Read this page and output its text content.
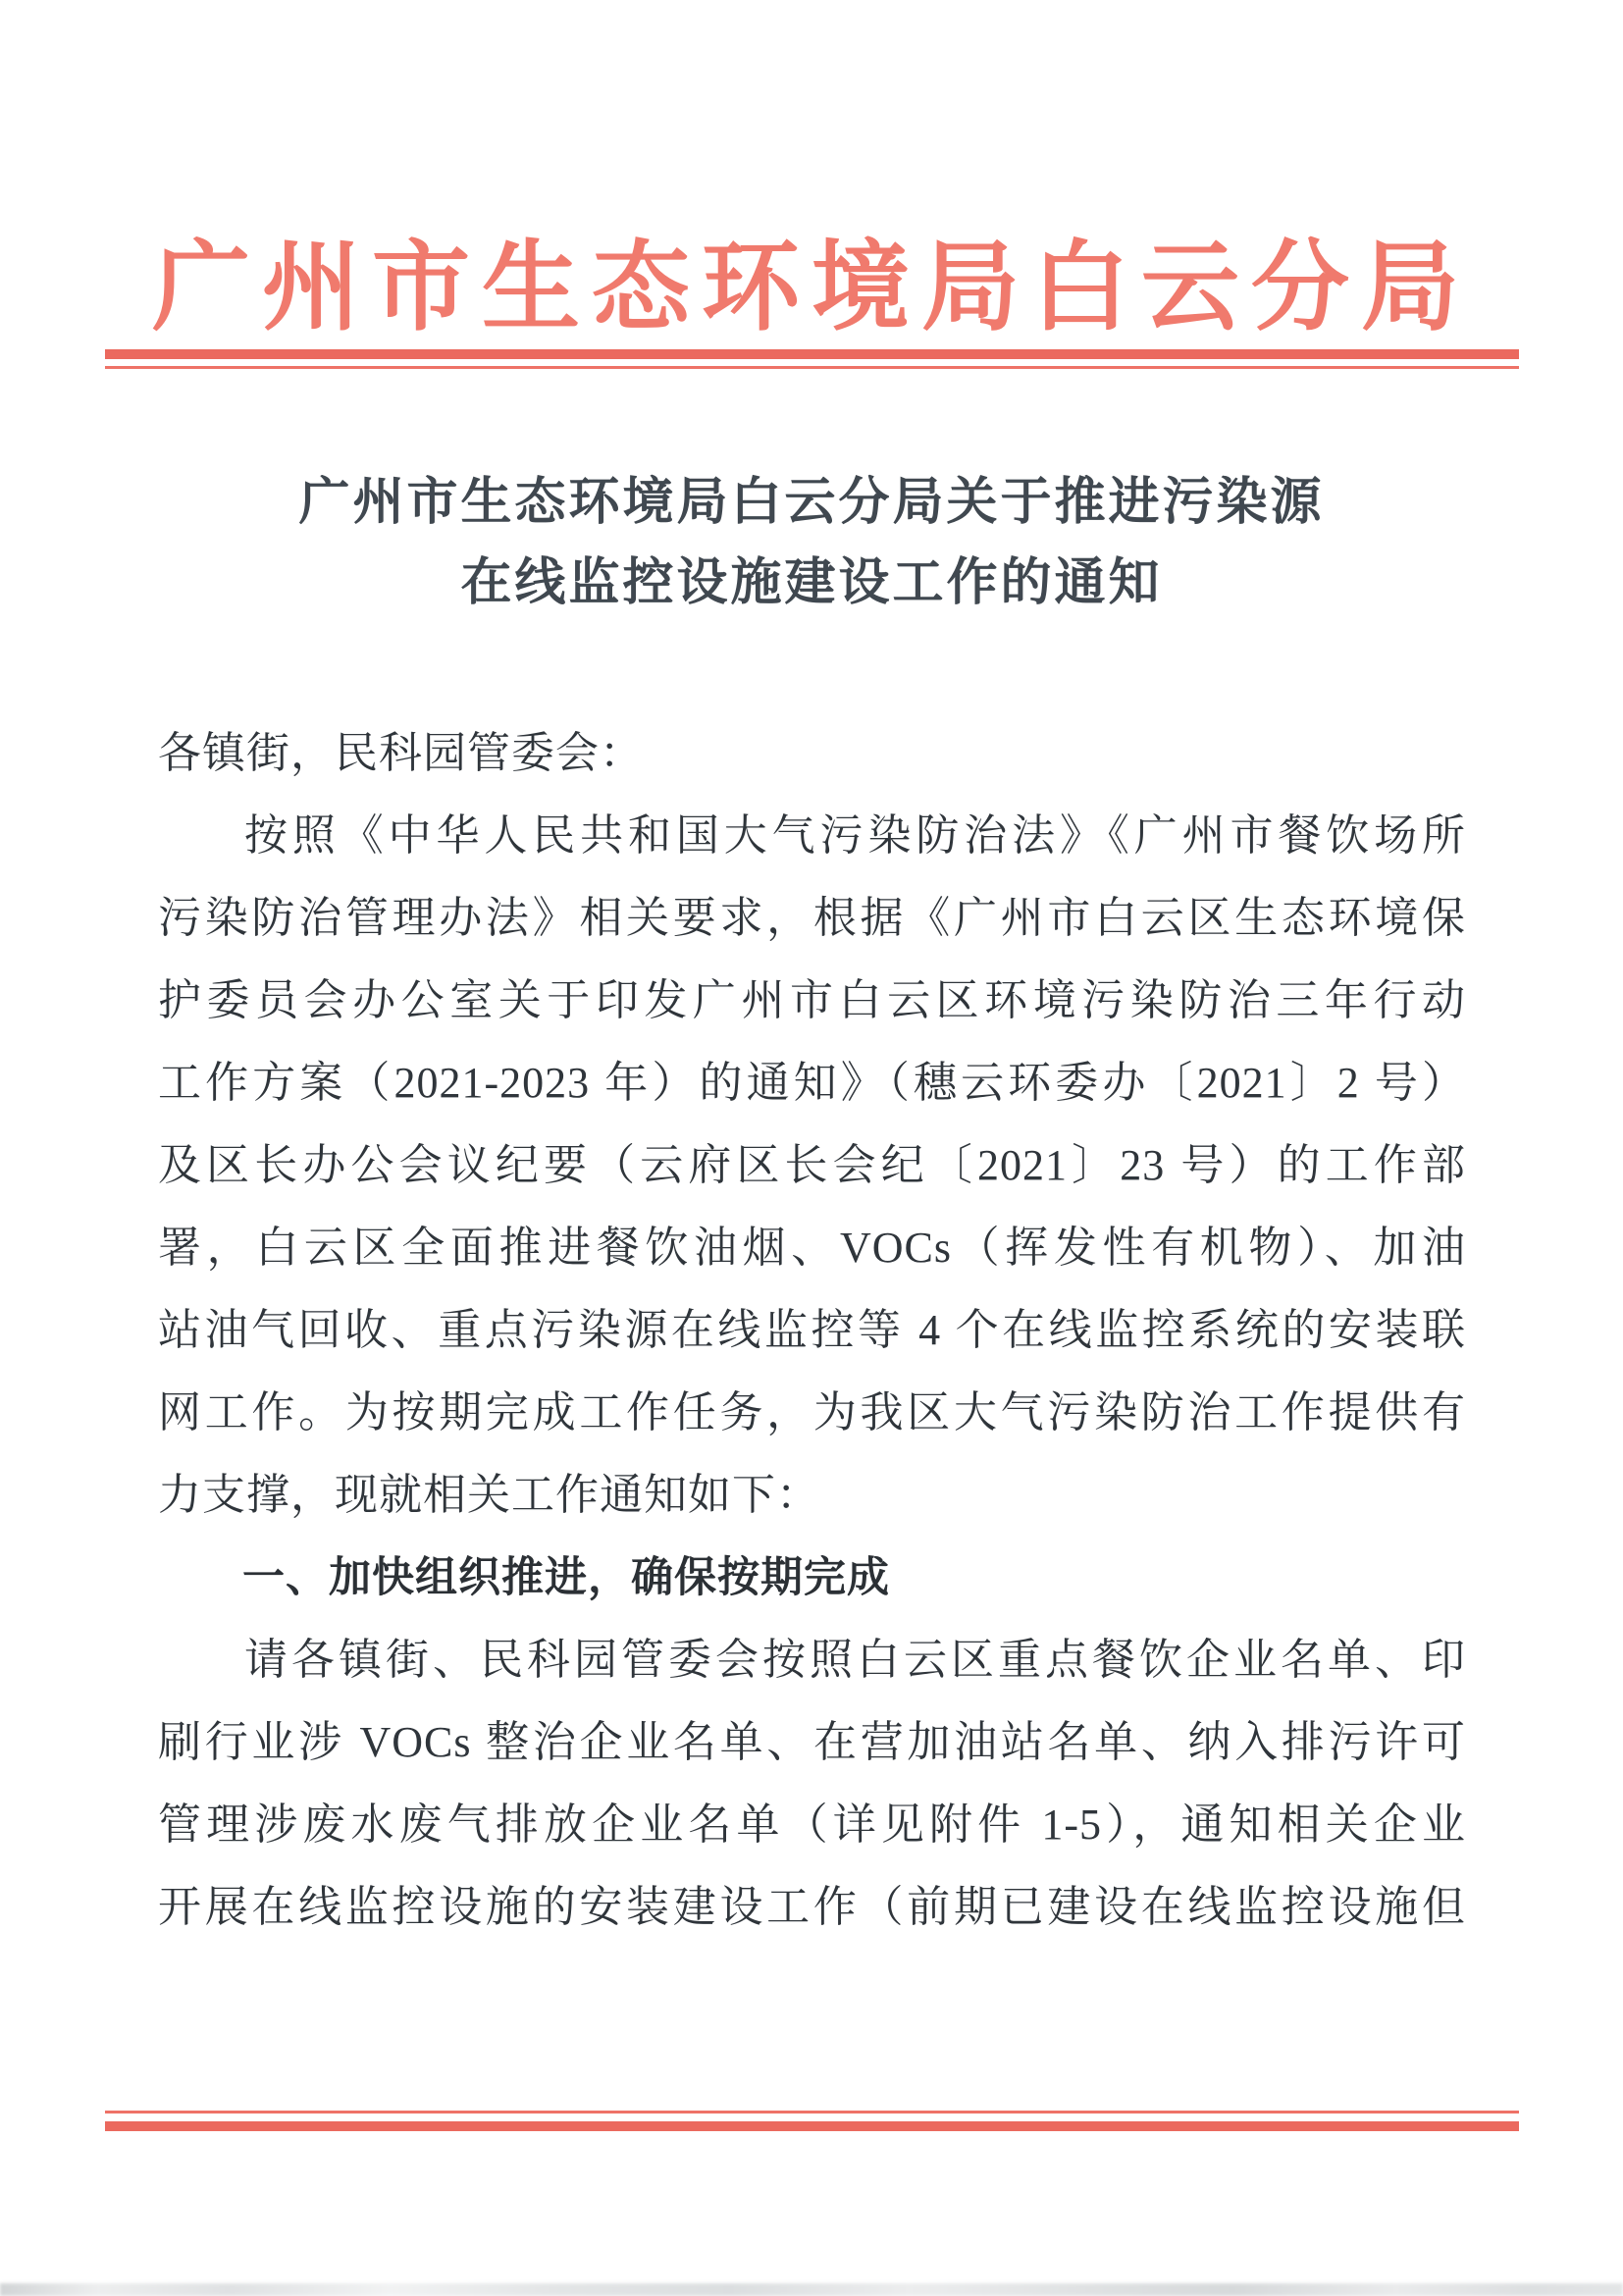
广州市生态环境局白云分局
广州市生态环境局白云分局关于推进污染源
在线监控设施建设工作的通知
各镇街，民科园管委会：
按照《中华人民共和国大气污染防治法》《广州市餐饮场所
污染防治管理办法》相关要求，根据《广州市白云区生态环境保
护委员会办公室关于印发广州市白云区环境污染防治三年行动
工作方案（2021-2023 年）的通知》（穗云环委办〔2021〕2 号）
及区长办公会议纪要（云府区长会纪〔2021〕23 号）的工作部
署，白云区全面推进餐饮油烟、VOCs（挥发性有机物）、加油
站油气回收、重点污染源在线监控等 4 个在线监控系统的安装联
网工作。为按期完成工作任务，为我区大气污染防治工作提供有
力支撑，现就相关工作通知如下：
一、加快组织推进，确保按期完成
请各镇街、民科园管委会按照白云区重点餐饮企业名单、印
刷行业涉 VOCs 整治企业名单、在营加油站名单、纳入排污许可
管理涉废水废气排放企业名单（详见附件 1-5），通知相关企业
开展在线监控设施的安装建设工作（前期已建设在线监控设施但
